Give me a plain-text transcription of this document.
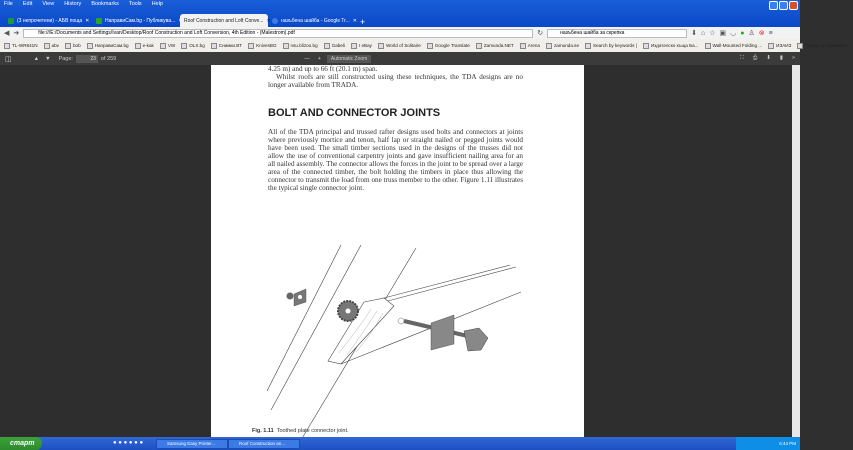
File Edit View History Bookmarks Tools Help
(3 непрочетени) - АБВ поща ✕	НаправиСам.bg - Публикува... Roof Construction and Loft Conve... ✕ назъбена шайба - Google Tr... ✕ +
◀ ➜	file:///E:/Documents and Settings/Ivan/Desktop/Roof Construction and Loft Conversion, 4th Edition - (Malestrom).pdf	↻	назъбена шайба за скрепка	⬇ ⌂ ☆ ▣ ◡ ● ♙ ⊗ ≡
TL-WR841N	abv	bob	НаправиСам.bg	e-kak	VW	OLX.bg	Снимки.BT	KnivesBG	nsu.blizoo.bg	Gabeli	I eBay	World of Solitaire	Google Translate	Zamunda.NET	Arena	zamunda.se	Search by keywords |	Издателско къща Ба...	Wall-Mounted Folding ...	ИЗАИЗ	Как да се справим с ...
◫	▲ ▼ Page:	23 of 259	— +	Automatic Zoom	⛶ ⎙ ⬇ ▮ »
4.25 m) and up to 66 ft (20.1 m) span.
Whilst roofs are still constructed using these techniques, the TDA designs are no longer available from TRADA.
BOLT AND CONNECTOR JOINTS
All of the TDA principal and trussed rafter designs used bolts and connectors at joints where previously mortice and tenon, half lap or straight nailed or pegged joints would have been used. The small timber sections used in the designs of the trusses did not allow the use of conventional carpentry joints and gave insufficient nailing area for an all nailed assembly. The connector allows the forces in the joint to be spread over a large area of the connected timber, the bolt holding the timbers in place thus allowing the connector to transmit the load from one truss member to the other. Figure 1.11 illustrates the typical single connector joint.
Fig. 1.11 Toothed plate connector joint.
старт	● ● ● ● ● ●	Samsung Easy Printer...	Roof Construction an...	6:44 PM
